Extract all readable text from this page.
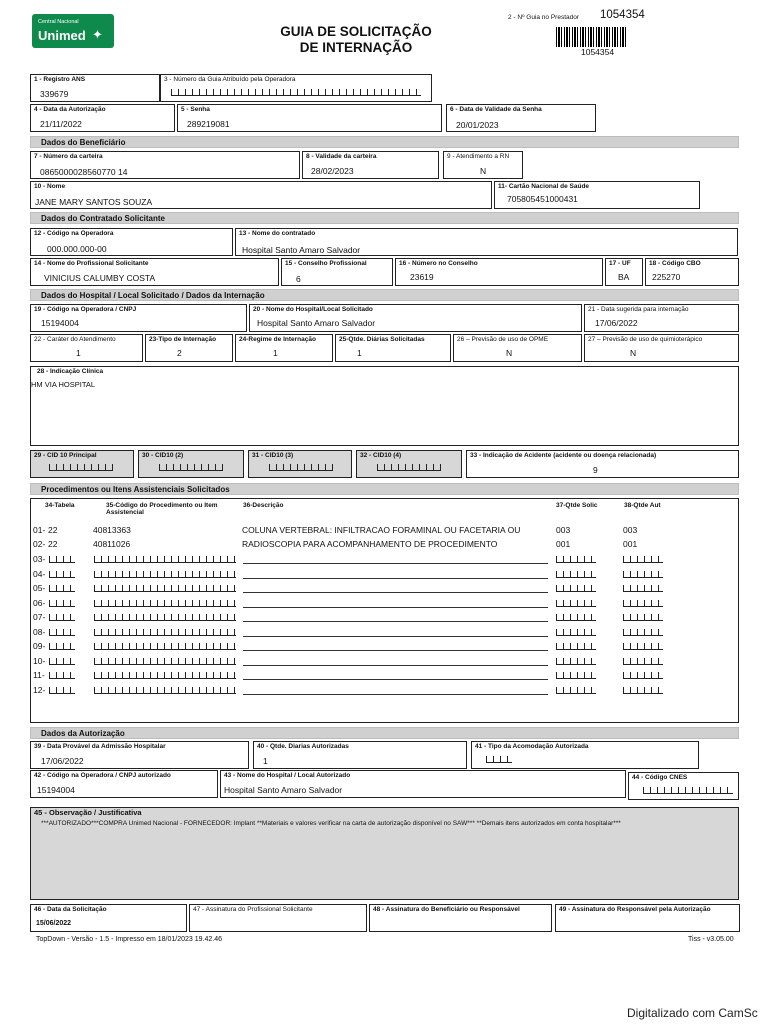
Central Nacional
Unimed ✦	GUIA DE SOLICITAÇÃO
DE INTERNAÇÃO
2 - Nº Guia no Prestador 1054354
1054354
1 - Registro ANS
339679
3 - Número da Guia Atribuído pela Operadora
4 - Data da Autorização
21/11/2022
5 - Senha
289219081
6 - Data de Validade da Senha
20/01/2023
Dados do Beneficiário
7 - Número da carteira
0865000028560770 14
8 - Validade da carteira
28/02/2023
9 - Atendimento a RN
N
10 - Nome
JANE MARY SANTOS SOUZA
11- Cartão Nacional de Saúde
705805451000431
Dados do Contratado Solicitante
12 - Código na Operadora
000.000.000-00
13 - Nome do contratado
Hospital Santo Amaro Salvador
14 - Nome do Profissional Solicitante
VINICIUS CALUMBY COSTA
15 - Conselho Profissional
6
16 - Número no Conselho
23619
17 - UF
BA
18 - Código CBO
225270
Dados do Hospital / Local Solicitado / Dados da Internação
19 - Código na Operadora / CNPJ
15194004
20 - Nome do Hospital/Local Solicitado
Hospital Santo Amaro Salvador
21 - Data sugerida para internação
17/06/2022
22 - Caráter do Atendimento
1
23-Tipo de Internação
2
24-Regime de Internação
1
25-Qtde. Diárias Solicitadas
1
26 – Previsão de uso de OPME
N
27 – Previsão de uso de quimioterápico
N
28 - Indicação Clínica
HM VIA HOSPITAL
29 - CID 10 Principal	30 - CID10 (2)	31 - CID10 (3)	32 - CID10 (4)	33 - Indicação de Acidente (acidente ou doença relacionada)
9
Procedimentos ou Itens Assistenciais Solicitados
34-Tabela	35-Código do Procedimento ou Item Assistencial
36-Descrição	37-Qtde Solic	38-Qtde Aut
01- 22	40813363	COLUNA VERTEBRAL: INFILTRACAO FORAMINAL OU FACETARIA OU	003	003
02- 22	40811026	RADIOSCOPIA PARA ACOMPANHAMENTO DE PROCEDIMENTO	001	001
03-
04-
05-
06-
07-
08-
09-
10-
11-
12-
Dados da Autorização
39 - Data Provável da Admissão Hospitalar
17/06/2022
40 - Qtde. Diarias Autorizadas
1
41 - Tipo da Acomodação Autorizada
42 - Código na Operadora / CNPJ autorizado
15194004
43 - Nome do Hospital / Local Autorizado
Hospital Santo Amaro Salvador
44 - Código CNES
45 - Observação / Justificativa
***AUTORIZADO***COMPRA Unimed Nacional - FORNECEDOR: Implant **Materiais e valores verificar na carta de autorização disponível no SAW*** **Demais itens autorizados em conta hospitalar***
46 - Data da Solicitação
15/06/2022
47 - Assinatura do Profissional Solicitante	48 - Assinatura do Beneficiário ou Responsável	49 - Assinatura do Responsável pela Autorização
TopDown - Versão - 1.5 - Impresso em 18/01/2023 19.42.46	Tiss - v3.05.00
Digitalizado com CamSc
